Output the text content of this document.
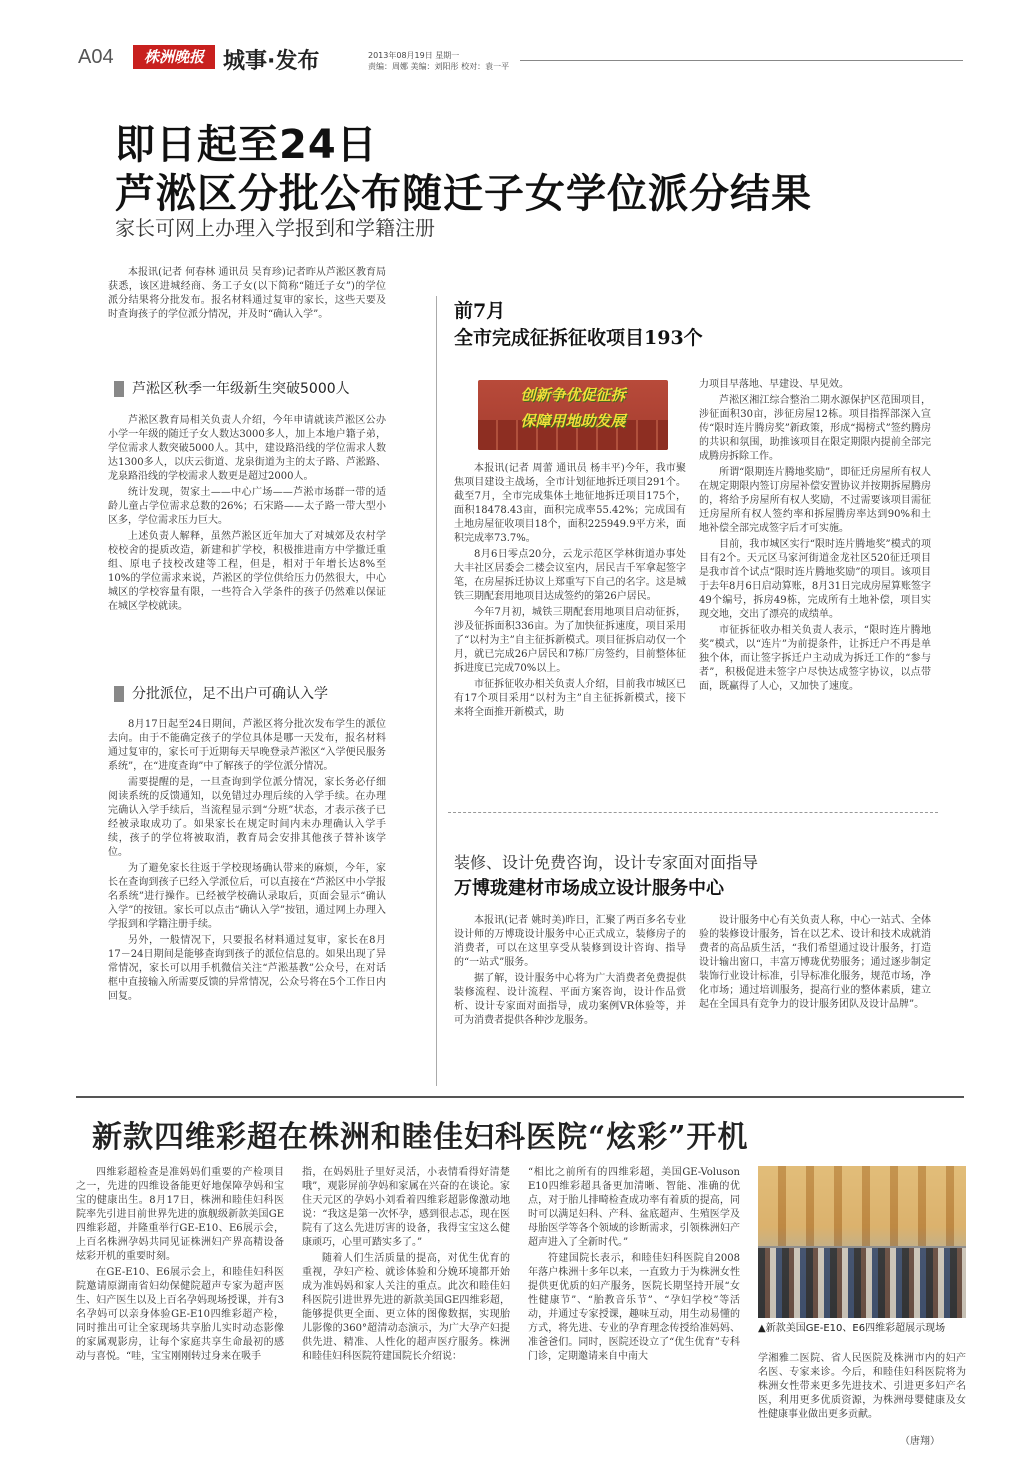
A04	株洲晚报 城事·发布	2013年08月19日 星期一
责编：周娜 美编：刘阳彤 校对：袁一平
即日起至24日
芦淞区分批公布随迁子女学位派分结果
家长可网上办理入学报到和学籍注册

本报讯(记者 何春林 通讯员 吴育珍)记者昨从芦淞区教育局获悉，该区进城经商、务工子女(以下简称“随迁子女”)的学位派分结果将分批发布。报名材料通过复审的家长，这些天要及时查询孩子的学位派分情况，并及时“确认入学”。

芦淞区秋季一年级新生突破5000人

芦淞区教育局相关负责人介绍，今年申请就读芦淞区公办小学一年级的随迁子女人数达3000多人，加上本地户籍子弟，学位需求人数突破5000人。其中，建设路沿线的学位需求人数达1300多人，以庆云街道、龙泉街道为主的太子路、芦淞路、龙泉路沿线的学校需求人数更是超过2000人。

统计发现，贺家土——中心广场——芦淞市场群一带的适龄儿童占学位需求总数的26%；石宋路——太子路一带大型小区多，学位需求压力巨大。

上述负责人解释，虽然芦淞区近年加大了对城郊及农村学校校舍的提质改造，新建和扩学校，积极推进南方中学撤迁重组、原电子技校改建等工程，但是，相对于年增长达8%至10%的学位需求来说，芦淞区的学位供给压力仍然很大，中心城区的学校容量有限，一些符合入学条件的孩子仍然难以保证在城区学校就读。

分批派位，足不出户可确认入学

8月17日起至24日期间，芦淞区将分批次发布学生的派位去向。由于不能确定孩子的学位具体是哪一天发布，报名材料通过复审的，家长可于近期每天早晚登录芦淞区“入学便民服务系统”，在“进度查询”中了解孩子的学位派分情况。

需要提醒的是，一旦查询到学位派分情况，家长务必仔细阅读系统的反馈通知，以免错过办理后续的入学手续。在办理完确认入学手续后，当流程显示到“分班”状态，才表示孩子已经被录取成功了。如果家长在规定时间内未办理确认入学手续，孩子的学位将被取消，教育局会安排其他孩子替补该学位。

为了避免家长往返于学校现场确认带来的麻烦，今年，家长在查询到孩子已经入学派位后，可以直接在“芦淞区中小学报名系统”进行操作。已经被学校确认录取后，页面会显示“确认入学”的按钮。家长可以点击“确认入学”按钮，通过网上办理入学报到和学籍注册手续。

另外，一般情况下，只要报名材料通过复审，家长在8月17－24日期间是能够查询到孩子的派位信息的。如果出现了异常情况，家长可以用手机微信关注“芦淞基教”公众号，在对话框中直接输入所需要反馈的异常情况，公众号将在5个工作日内回复。

前7月
全市完成征拆征收项目193个
创新争优促征拆
保障用地助发展

本报讯(记者 周蕾 通讯员 杨丰平)今年，我市聚焦项目建设主战场，全市计划征地拆迁项目291个。截至7月，全市完成集体土地征地拆迁项目175个，面积18478.43亩，面积完成率55.42%；完成国有土地房屋征收项目18个，面积225949.9平方米，面积完成率73.7%。

8月6日零点20分，云龙示范区学林街道办事处大丰社区居委会二楼会议室内，居民吉千军拿起签字笔，在房屋拆迁协议上郑重写下自己的名字。这是城铁三期配套用地项目达成签约的第26户居民。

今年7月初，城铁三期配套用地项目启动征拆，涉及征拆面积336亩。为了加快征拆速度，项目采用了“以村为主”自主征拆新模式。项目征拆启动仅一个月，就已完成26户居民和7栋厂房签约，目前整体征拆进度已完成70%以上。

市征拆征收办相关负责人介绍，目前我市城区已有17个项目采用“以村为主”自主征拆新模式，接下来将全面推开新模式，助

力项目早落地、早建设、早见效。

芦淞区湘江综合整治二期水源保护区范围项目，涉征面积30亩，涉征房屋12栋。项目指挥部深入宣传“限时连片腾房奖”新政策，形成“揭榜式”签约腾房的共识和氛围，助推该项目在限定期限内提前全部完成腾房拆除工作。

所谓“限期连片腾地奖励”，即征迁房屋所有权人在规定期限内签订房屋补偿安置协议并按期拆屋腾房的，将给予房屋所有权人奖励，不过需要该项目需征迁房屋所有权人签约率和拆屋腾房率达到90%和土地补偿全部完成签字后才可实施。

目前，我市城区实行“限时连片腾地奖”模式的项目有2个。天元区马家河街道金龙社区520征迁项目是我市首个试点“限时连片腾地奖励”的项目。该项目于去年8月6日启动算账，8月31日完成房屋算账签字49个编号，拆房49栋，完成所有土地补偿，项目实现交地，交出了漂亮的成绩单。

市征拆征收办相关负责人表示，“限时连片腾地奖”模式，以“连片”为前提条件，让拆迁户不再是单独个体，而让签字拆迁户主动成为拆迁工作的“参与者”，积极促进未签字户尽快达成签字协议，以点带面，既赢得了人心，又加快了速度。

装修、设计免费咨询，设计专家面对面指导
万博珑建材市场成立设计服务中心

本报讯(记者 姚时美)昨日，汇聚了两百多名专业设计师的万博珑设计服务中心正式成立，装修房子的消费者，可以在这里享受从装修到设计咨询、指导的“一站式”服务。

据了解，设计服务中心将为广大消费者免费提供装修流程、设计流程、平面方案咨询，设计作品赏析、设计专家面对面指导，成功案例VR体验等，并可为消费者提供各种沙龙服务。

设计服务中心有关负责人称，中心一站式、全体验的装修设计服务，旨在以艺术、设计和技术成就消费者的高品质生活，“我们希望通过设计服务，打造设计输出窗口，丰富万博珑优势服务；通过逐步制定装饰行业设计标准，引导标准化服务，规范市场，净化市场；通过培训服务，提高行业的整体素质，建立起在全国具有竞争力的设计服务团队及设计品牌”。

新款四维彩超在株洲和睦佳妇科医院“炫彩”开机

四维彩超检查是准妈妈们重要的产检项目之一，先进的四维设备能更好地保障孕妈和宝宝的健康出生。8月17日，株洲和睦佳妇科医院率先引进目前世界先进的旗舰级新款美国GE四维彩超，并隆重举行GE-E10、E6展示会，上百名株洲孕妈共同见证株洲妇产界高精设备炫彩开机的重要时刻。

在GE-E10、E6展示会上，和睦佳妇科医院邀请原湖南省妇幼保健院超声专家为超声医生、妇产医生以及上百名孕妈现场授课，并有3名孕妈可以亲身体验GE-E10四维彩超产检，同时推出可让全家现场共享胎儿实时动态影像的家属观影房，让每个家庭共享生命最初的感动与喜悦。“哇，宝宝刚刚转过身来在吸手

指，在妈妈肚子里好灵活，小表情看得好清楚哦”，观影屏前孕妈和家属在兴奋的在谈论。家住天元区的孕妈小刘看着四维彩超影像激动地说：“我这是第一次怀孕，感到很忐忑，现在医院有了这么先进厉害的设备，我得宝宝这么健康顽巧，心里可踏实多了。”

随着人们生活质量的提高，对优生优育的重视，孕妇产检、就诊体验和分娩环境都开始成为准妈妈和家人关注的重点。此次和睦佳妇科医院引进世界先进的新款美国GE四维彩超，能够提供更全面、更立体的图像数据，实现胎儿影像的360°超清动态演示，为广大孕产妇提供先进、精准、人性化的超声医疗服务。株洲和睦佳妇科医院符建国院长介绍说：

“相比之前所有的四维彩超，美国GE-Voluson E10四维彩超具备更加清晰、智能、准确的优点，对于胎儿排畸检查成功率有着质的提高，同时可以满足妇科、产科、盆底超声、生殖医学及母胎医学等各个领域的诊断需求，引领株洲妇产超声进入了全新时代。”

符建国院长表示，和睦佳妇科医院自2008年落户株洲十多年以来，一直致力于为株洲女性提供更优质的妇产服务，医院长期坚持开展“女性健康节”、“胎教音乐节”、“孕妇学校”等活动，并通过专家授课，趣味互动，用生动易懂的方式，将先进、专业的孕育理念传授给准妈妈、准爸爸们。同时，医院还设立了“优生优育”专科门诊，定期邀请来自中南大

▲新款美国GE-E10、E6四维彩超展示现场

学湘雅二医院、省人民医院及株洲市内的妇产名医、专家来诊。今后，和睦佳妇科医院将为株洲女性带来更多先进技术、引进更多妇产名医，利用更多优质资源，为株洲母婴健康及女性健康事业做出更多贡献。

（唐翔）
